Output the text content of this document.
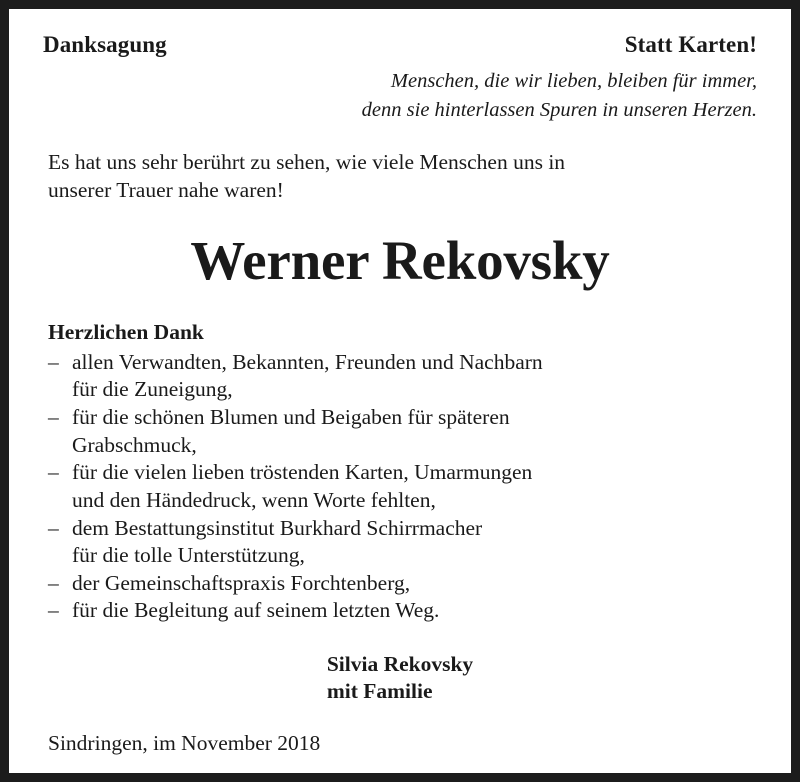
Danksagung	Statt Karten!
Menschen, die wir lieben, bleiben für immer,
denn sie hinterlassen Spuren in unseren Herzen.
Es hat uns sehr berührt zu sehen, wie viele Menschen uns in
unserer Trauer nahe waren!
Werner Rekovsky
Herzlichen Dank
– allen Verwandten, Bekannten, Freunden und Nachbarn
für die Zuneigung,
– für die schönen Blumen und Beigaben für späteren
Grabschmuck,
– für die vielen lieben tröstenden Karten, Umarmungen
und den Händedruck, wenn Worte fehlten,
– dem Bestattungsinstitut Burkhard Schirrmacher
für die tolle Unterstützung,
– der Gemeinschaftspraxis Forchtenberg,
– für die Begleitung auf seinem letzten Weg.
Silvia Rekovsky
mit Familie
Sindringen, im November 2018
